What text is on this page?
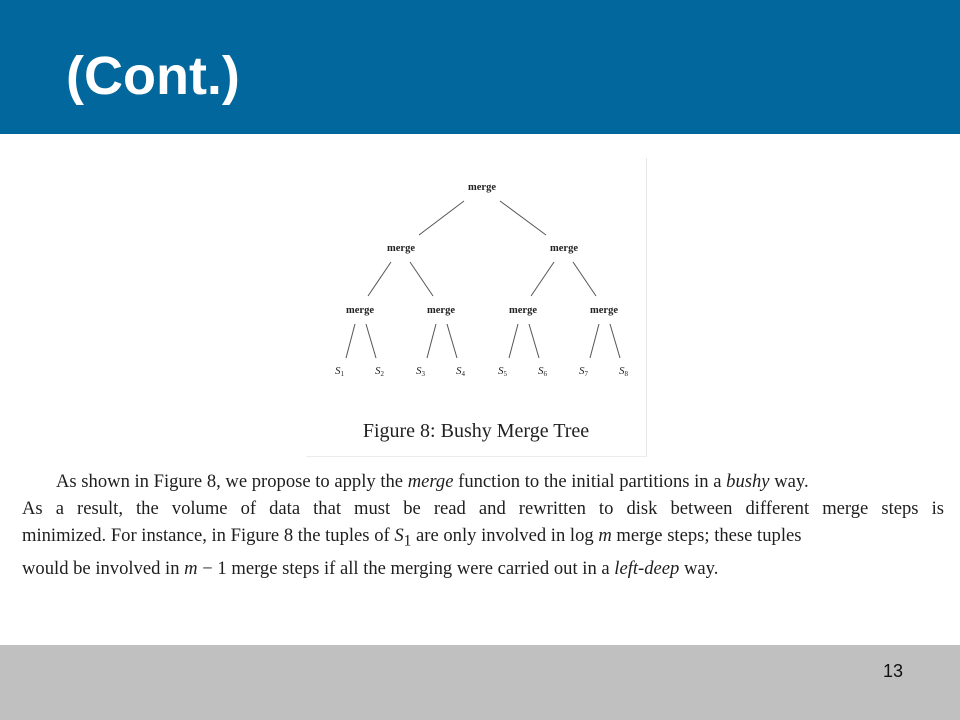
(Cont.)
merge
merge	merge
merge	merge	merge	merge
S1	S2	S3	S4	S5	S6	S7	S8
Figure 8: Bushy Merge Tree
As shown in Figure 8, we propose to apply the merge function to the initial partitions in a bushy way.
As a result, the volume of data that must be read and rewritten to disk between different merge steps is
minimized. For instance, in Figure 8 the tuples of $S_1$ are only involved in log m merge steps; these tuples
would be involved in m − 1 merge steps if all the merging were carried out in a left-deep way.
13
